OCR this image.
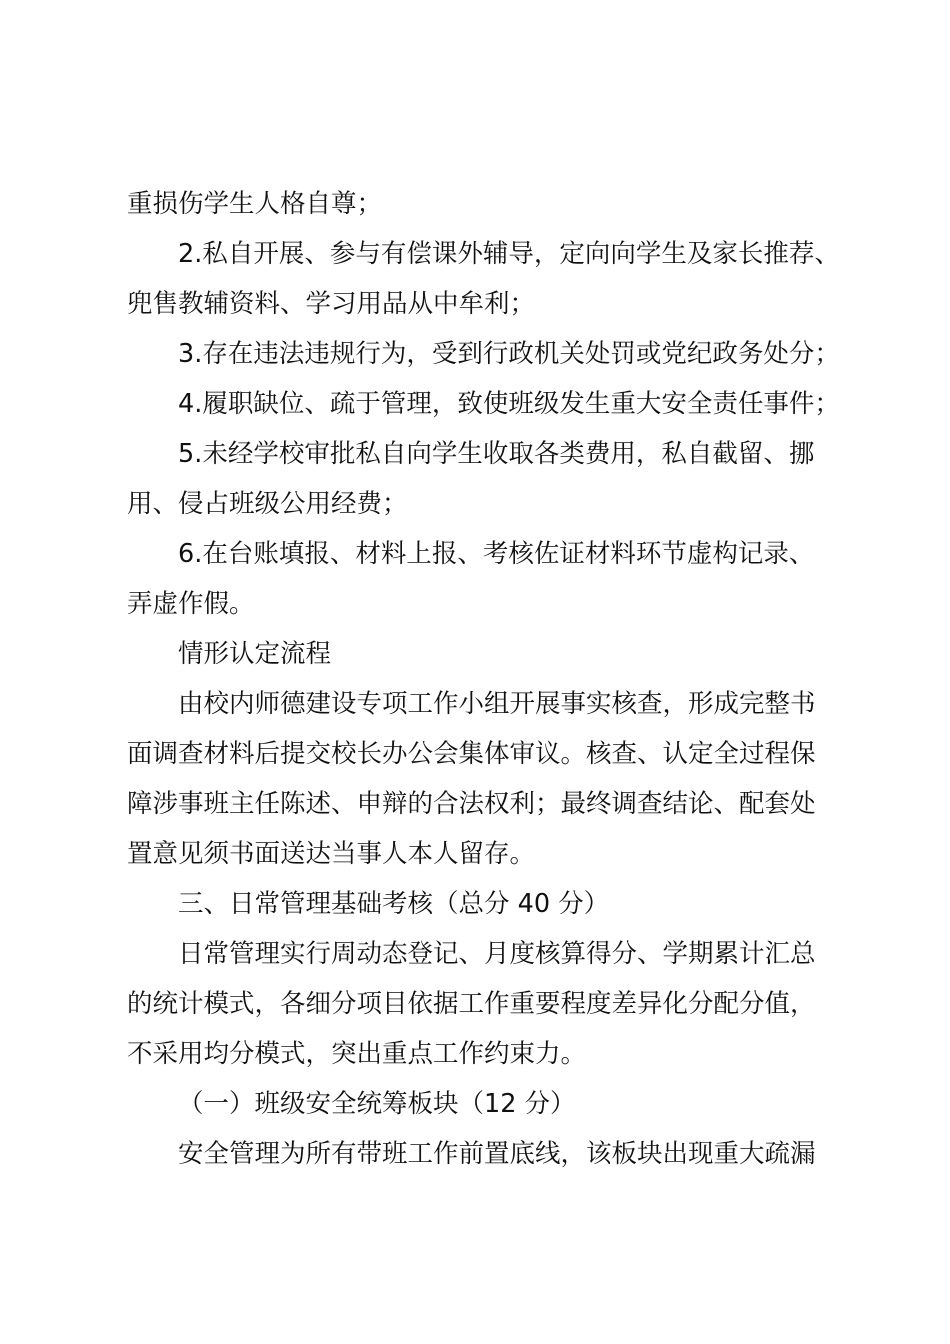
重损伤学生人格自尊；
2.私自开展、参与有偿课外辅导，定向向学生及家长推荐、
兜售教辅资料、学习用品从中牟利；
3.存在违法违规行为，受到行政机关处罚或党纪政务处分；
4.履职缺位、疏于管理，致使班级发生重大安全责任事件；
5.未经学校审批私自向学生收取各类费用，私自截留、挪
用、侵占班级公用经费；
6.在台账填报、材料上报、考核佐证材料环节虚构记录、
弄虚作假。
情形认定流程
由校内师德建设专项工作小组开展事实核查，形成完整书
面调查材料后提交校长办公会集体审议。核查、认定全过程保
障涉事班主任陈述、申辩的合法权利；最终调查结论、配套处
置意见须书面送达当事人本人留存。
三、日常管理基础考核（总分 40 分）
日常管理实行周动态登记、月度核算得分、学期累计汇总
的统计模式，各细分项目依据工作重要程度差异化分配分值，
不采用均分模式，突出重点工作约束力。
（一）班级安全统筹板块（12 分）
安全管理为所有带班工作前置底线，该板块出现重大疏漏
